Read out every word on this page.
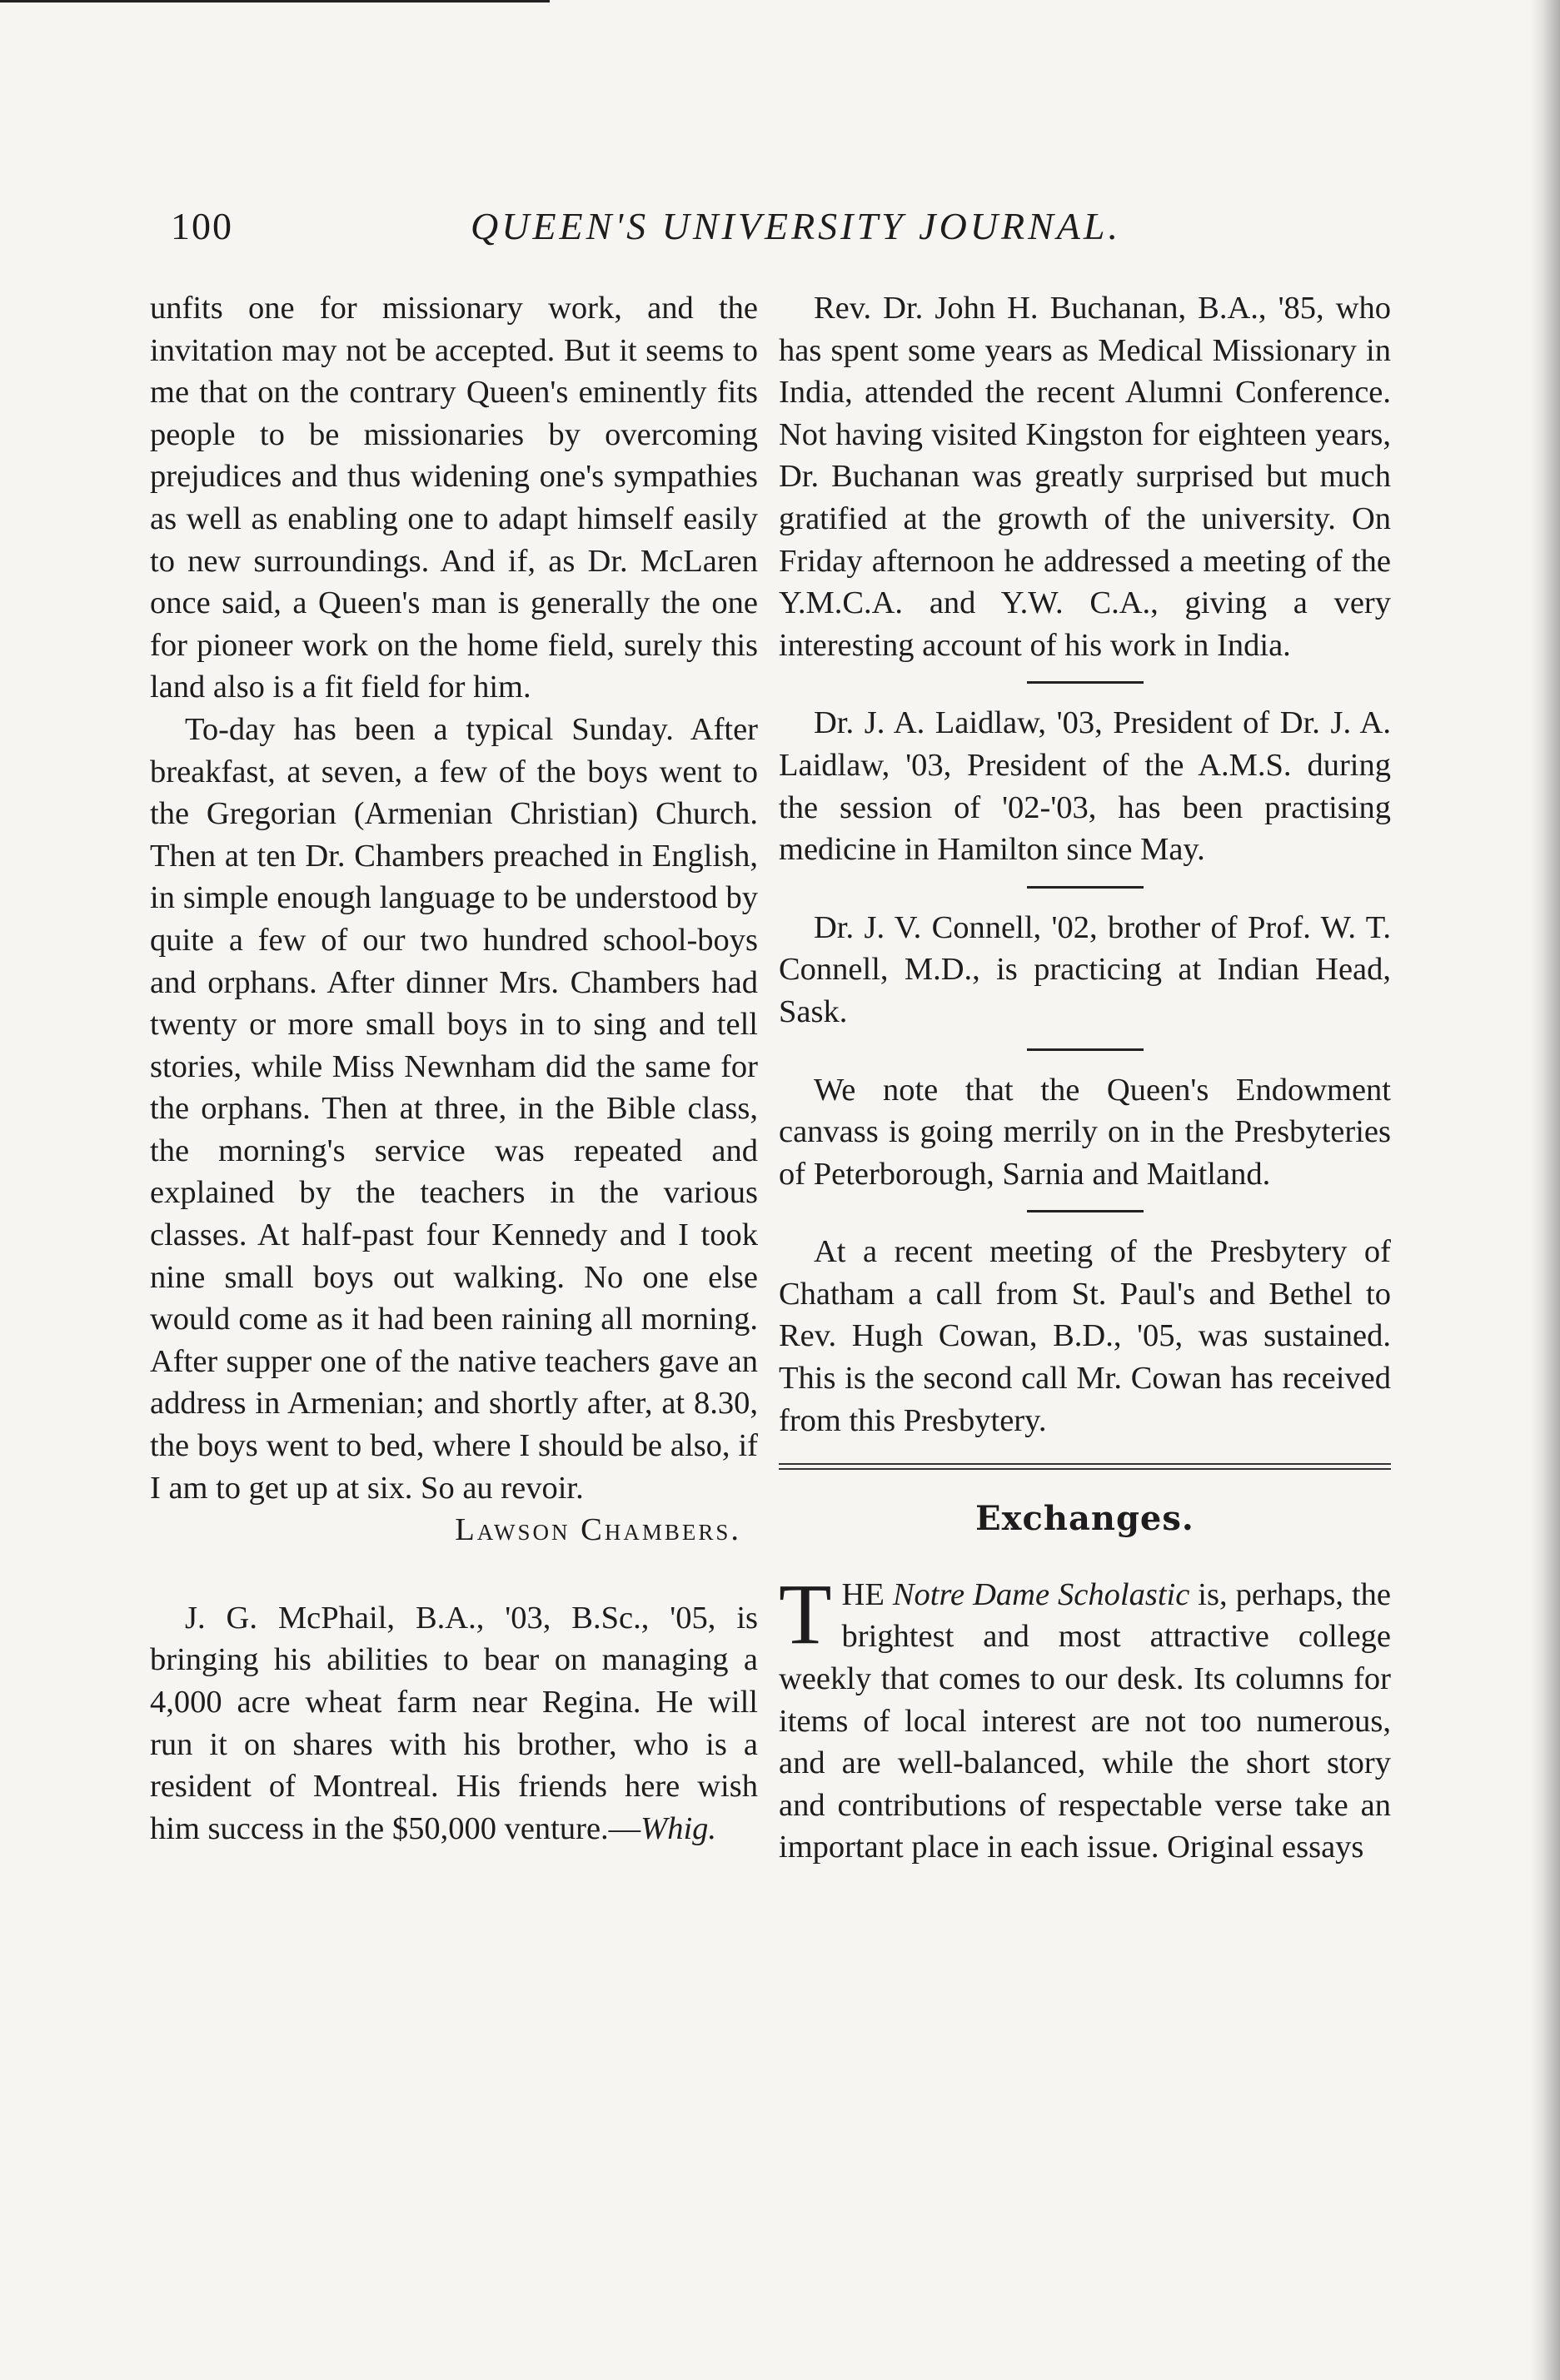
100	QUEEN'S UNIVERSITY JOURNAL.

unfits one for missionary work, and the invitation may not be accepted. But it seems to me that on the contrary Queen's eminently fits people to be missionaries by overcoming prejudices and thus widening one's sympathies as well as enabling one to adapt himself easily to new surroundings. And if, as Dr. McLaren once said, a Queen's man is generally the one for pioneer work on the home field, surely this land also is a fit field for him.

To-day has been a typical Sunday. After breakfast, at seven, a few of the boys went to the Gregorian (Armenian Christian) Church. Then at ten Dr. Chambers preached in English, in simple enough language to be understood by quite a few of our two hundred school-boys and orphans. After dinner Mrs. Chambers had twenty or more small boys in to sing and tell stories, while Miss Newnham did the same for the orphans. Then at three, in the Bible class, the morning's service was repeated and explained by the teachers in the various classes. At half-past four Kennedy and I took nine small boys out walking. No one else would come as it had been raining all morning. After supper one of the native teachers gave an address in Armenian; and shortly after, at 8.30, the boys went to bed, where I should be also, if I am to get up at six. So au revoir.

Lawson Chambers.

J. G. McPhail, B.A., '03, B.Sc., '05, is bringing his abilities to bear on managing a 4,000 acre wheat farm near Regina. He will run it on shares with his brother, who is a resident of Montreal. His friends here wish him success in the $50,000 venture.—Whig.

Rev. Dr. John H. Buchanan, B.A., '85, who has spent some years as Medical Missionary in India, attended the recent Alumni Conference. Not having visited Kingston for eighteen years, Dr. Buchanan was greatly surprised but much gratified at the growth of the university. On Friday afternoon he addressed a meeting of the Y.M.C.A. and Y.W. C.A., giving a very interesting account of his work in India.

Dr. J. A. Laidlaw, '03, President of Dr. J. A. Laidlaw, '03, President of the A.M.S. during the session of '02-'03, has been practising medicine in Hamilton since May.

Dr. J. V. Connell, '02, brother of Prof. W. T. Connell, M.D., is practicing at Indian Head, Sask.

We note that the Queen's Endowment canvass is going merrily on in the Presbyteries of Peterborough, Sarnia and Maitland.

At a recent meeting of the Presbytery of Chatham a call from St. Paul's and Bethel to Rev. Hugh Cowan, B.D., '05, was sustained. This is the second call Mr. Cowan has received from this Presbytery.

Exchanges.

THE Notre Dame Scholastic is, perhaps, the brightest and most attractive college weekly that comes to our desk. Its columns for items of local interest are not too numerous, and are well-balanced, while the short story and contributions of respectable verse take an important place in each issue. Original essays
